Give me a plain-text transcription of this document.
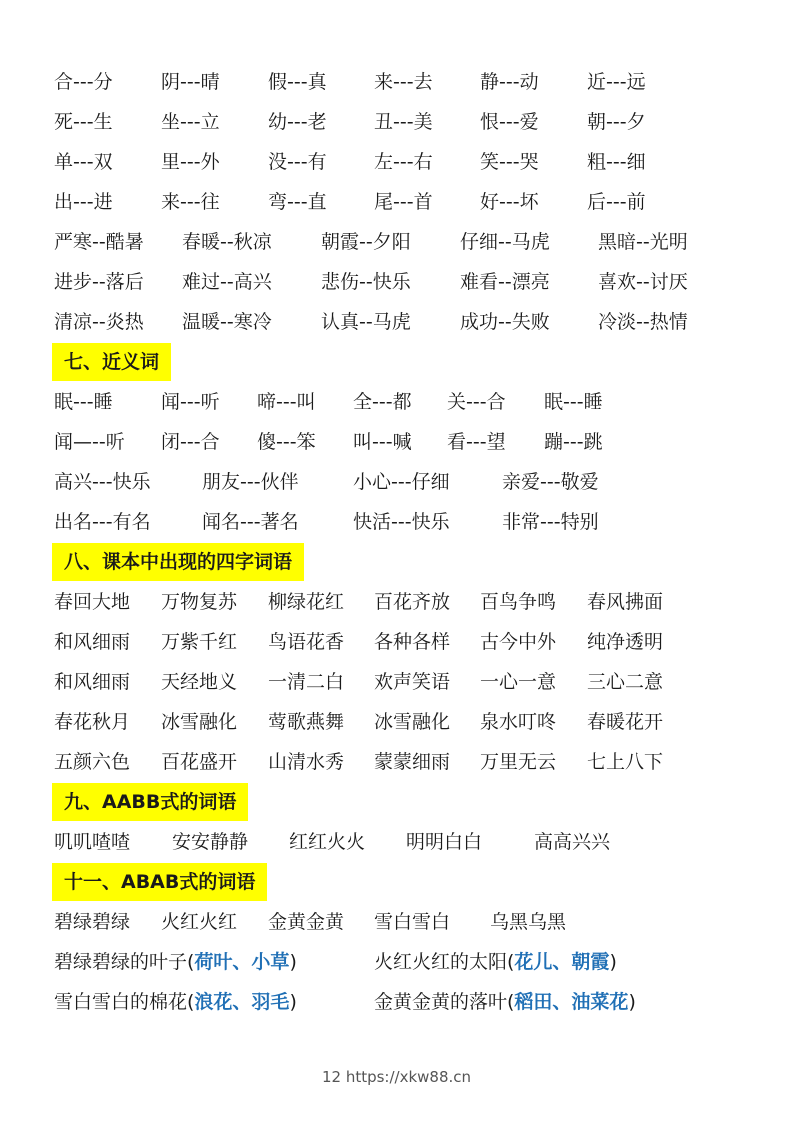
合---分	阴---晴	假---真 来---去 静---动	近---远
死---生	坐---立	幼---老 丑---美 恨---爱	朝---夕
单---双	里---外	没---有 左---右 笑---哭	粗---细
出---进	来---往	弯---直 尾---首 好---坏	后---前
严寒--酷暑 春暖--秋凉	朝霞--夕阳	仔细--马虎	黑暗--光明
进步--落后 难过--高兴	悲伤--快乐	难看--漂亮	喜欢--讨厌
清凉--炎热 温暖--寒冷	认真--马虎	成功--失败	冷淡--热情
七、近义词
眠---睡	闻---听 啼---叫 全---都 关---合 眠---睡
闻—--听 闭---合 傻---笨 叫---喊 看---望 蹦---跳
高兴---快乐	朋友---伙伴	小心---仔细	亲爱---敬爱
出名---有名	闻名---著名	快活---快乐	非常---特别
八、课本中出现的四字词语
春回大地 万物复苏 柳绿花红 百花齐放 百鸟争鸣 春风拂面
和风细雨 万紫千红 鸟语花香 各种各样 古今中外 纯净透明
和风细雨 天经地义 一清二白 欢声笑语 一心一意 三心二意
春花秋月 冰雪融化 莺歌燕舞 冰雪融化 泉水叮咚 春暖花开
五颜六色 百花盛开 山清水秀 蒙蒙细雨 万里无云 七上八下
九、AABB式的词语
叽叽喳喳 安安静静 红红火火 明明白白	高高兴兴
十一、ABAB式的词语
碧绿碧绿 火红火红 金黄金黄 雪白雪白 乌黑乌黑
碧绿碧绿的叶子(荷叶、小草)	火红火红的太阳(花儿、朝霞)
雪白雪白的棉花(浪花、羽毛)	金黄金黄的落叶(稻田、油菜花)
12 https://xkw88.cn
